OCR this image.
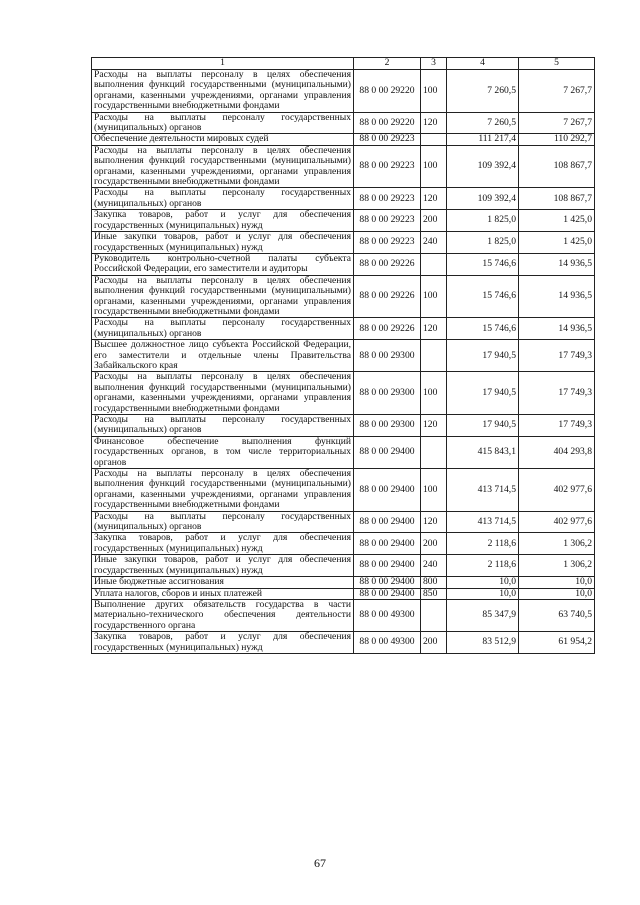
1	2	3	4	5
Расходы на выплаты персоналу в целях обеспечения выполнения функций государственными (муниципальными) органами, казенными учреждениями, органами управления государственными внебюджетными фондами	88 0 00 29220	100	7 260,5	7 267,7
Расходы на выплаты персоналу государственных (муниципальных) органов	88 0 00 29220	120	7 260,5	7 267,7
Обеспечение деятельности мировых судей	88 0 00 29223		111 217,4	110 292,7
Расходы на выплаты персоналу в целях обеспечения выполнения функций государственными (муниципальными) органами, казенными учреждениями, органами управления государственными внебюджетными фондами	88 0 00 29223	100	109 392,4	108 867,7
Расходы на выплаты персоналу государственных (муниципальных) органов	88 0 00 29223	120	109 392,4	108 867,7
Закупка товаров, работ и услуг для обеспечения государственных (муниципальных) нужд	88 0 00 29223	200	1 825,0	1 425,0
Иные закупки товаров, работ и услуг для обеспечения государственных (муниципальных) нужд	88 0 00 29223	240	1 825,0	1 425,0
Руководитель контрольно-счетной палаты субъекта Российской Федерации, его заместители и аудиторы	88 0 00 29226		15 746,6	14 936,5
Расходы на выплаты персоналу в целях обеспечения выполнения функций государственными (муниципальными) органами, казенными учреждениями, органами управления государственными внебюджетными фондами	88 0 00 29226	100	15 746,6	14 936,5
Расходы на выплаты персоналу государственных (муниципальных) органов	88 0 00 29226	120	15 746,6	14 936,5
Высшее должностное лицо субъекта Российской Федерации, его заместители и отдельные члены Правительства Забайкальского края	88 0 00 29300		17 940,5	17 749,3
Расходы на выплаты персоналу в целях обеспечения выполнения функций государственными (муниципальными) органами, казенными учреждениями, органами управления государственными внебюджетными фондами	88 0 00 29300	100	17 940,5	17 749,3
Расходы на выплаты персоналу государственных (муниципальных) органов	88 0 00 29300	120	17 940,5	17 749,3
Финансовое обеспечение выполнения функций государственных органов, в том числе территориальных органов	88 0 00 29400		415 843,1	404 293,8
Расходы на выплаты персоналу в целях обеспечения выполнения функций государственными (муниципальными) органами, казенными учреждениями, органами управления государственными внебюджетными фондами	88 0 00 29400	100	413 714,5	402 977,6
Расходы на выплаты персоналу государственных (муниципальных) органов	88 0 00 29400	120	413 714,5	402 977,6
Закупка товаров, работ и услуг для обеспечения государственных (муниципальных) нужд	88 0 00 29400	200	2 118,6	1 306,2
Иные закупки товаров, работ и услуг для обеспечения государственных (муниципальных) нужд	88 0 00 29400	240	2 118,6	1 306,2
Иные бюджетные ассигнования	88 0 00 29400	800	10,0	10,0
Уплата налогов, сборов и иных платежей	88 0 00 29400	850	10,0	10,0
Выполнение других обязательств государства в части материально-технического обеспечения деятельности государственного органа	88 0 00 49300		85 347,9	63 740,5
Закупка товаров, работ и услуг для обеспечения государственных (муниципальных) нужд	88 0 00 49300	200	83 512,9	61 954,2
67
